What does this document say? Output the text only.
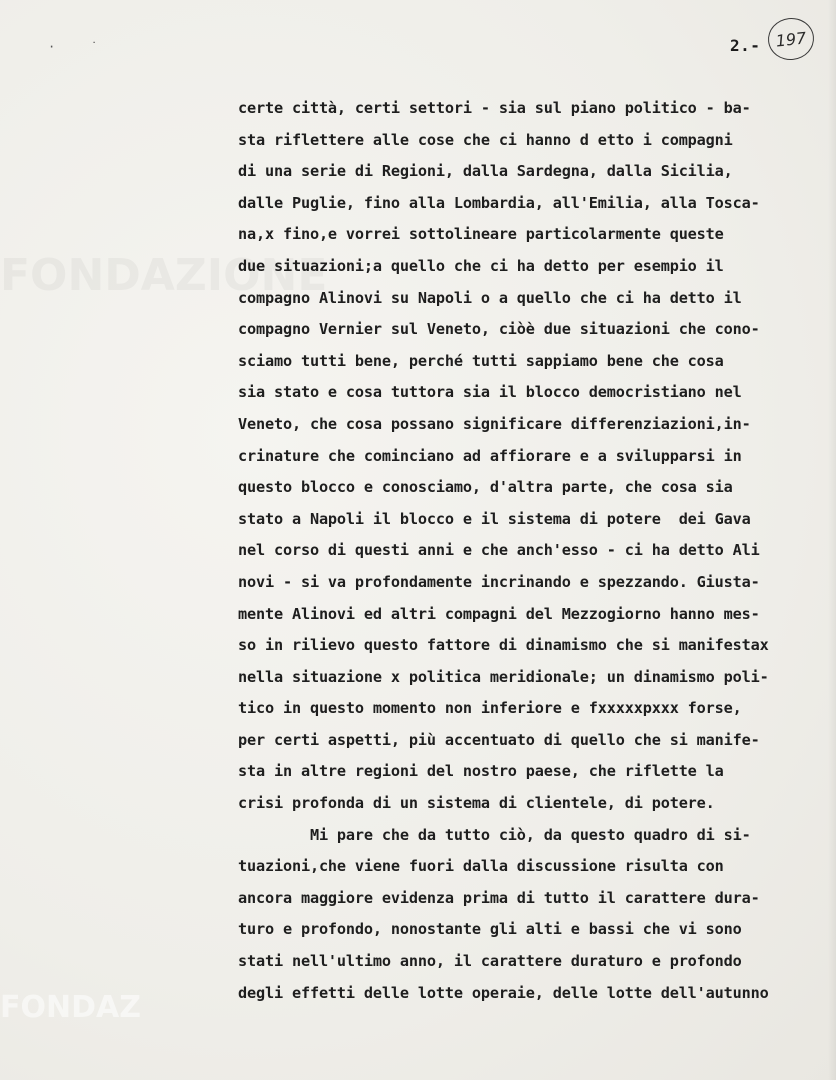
FONDAZIONE
FONDAZ
· ˙	2.- 197
certe città, certi settori - sia sul piano politico - ba-
sta riflettere alle cose che ci hanno d etto i compagni
di una serie di Regioni, dalla Sardegna, dalla Sicilia,
dalle Puglie, fino alla Lombardia, all'Emilia, alla Tosca-
na,x fino,e vorrei sottolineare particolarmente queste
due situazioni;a quello che ci ha detto per esempio il
compagno Alinovi su Napoli o a quello che ci ha detto il
compagno Vernier sul Veneto, ciòè due situazioni che cono-
sciamo tutti bene, perché tutti sappiamo bene che cosa
sia stato e cosa tuttora sia il blocco democristiano nel
Veneto, che cosa possano significare differenziazioni,in-
crinature che cominciano ad affiorare e a svilupparsi in
questo blocco e conosciamo, d'altra parte, che cosa sia
stato a Napoli il blocco e il sistema di potere  dei Gava
nel corso di questi anni e che anch'esso - ci ha detto Ali
novi - si va profondamente incrinando e spezzando. Giusta-
mente Alinovi ed altri compagni del Mezzogiorno hanno mes-
so in rilievo questo fattore di dinamismo che si manifestax
nella situazione x politica meridionale; un dinamismo poli-
tico in questo momento non inferiore e fxxxxxpxxx forse,
per certi aspetti, più accentuato di quello che si manife-
sta in altre regioni del nostro paese, che riflette la
crisi profonda di un sistema di clientele, di potere.
Mi pare che da tutto ciò, da questo quadro di si-
tuazioni,che viene fuori dalla discussione risulta con
ancora maggiore evidenza prima di tutto il carattere dura-
turo e profondo, nonostante gli alti e bassi che vi sono
stati nell'ultimo anno, il carattere duraturo e profondo
degli effetti delle lotte operaie, delle lotte dell'autunno
